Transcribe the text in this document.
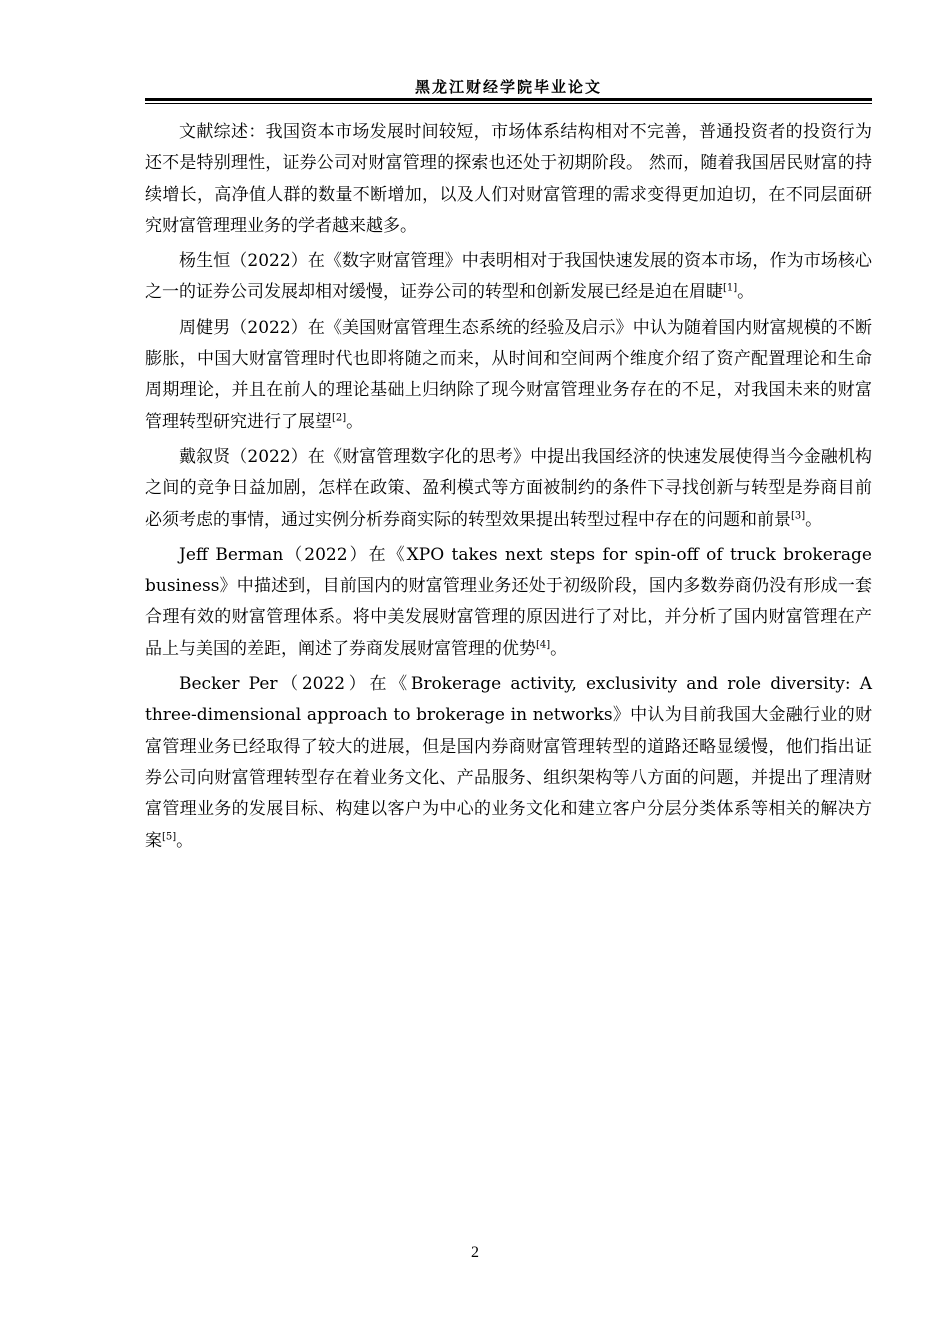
黑龙江财经学院毕业论文

文献综述：我国资本市场发展时间较短，市场体系结构相对不完善，普通投资者的投资行为还不是特别理性，证券公司对财富管理的探索也还处于初期阶段。 然而，随着我国居民财富的持续增长，高净值人群的数量不断增加，以及人们对财富管理的需求变得更加迫切，在不同层面研究财富管理理业务的学者越来越多。

杨生恒（2022）在《数字财富管理》中表明相对于我国快速发展的资本市场，作为市场核心之一的证券公司发展却相对缓慢，证券公司的转型和创新发展已经是迫在眉睫[1]。

周健男（2022）在《美国财富管理生态系统的经验及启示》中认为随着国内财富规模的不断膨胀，中国大财富管理时代也即将随之而来，从时间和空间两个维度介绍了资产配置理论和生命周期理论，并且在前人的理论基础上归纳除了现今财富管理业务存在的不足，对我国未来的财富管理转型研究进行了展望[2]。

戴叙贤（2022）在《财富管理数字化的思考》中提出我国经济的快速发展使得当今金融机构之间的竞争日益加剧，怎样在政策、盈利模式等方面被制约的条件下寻找创新与转型是券商目前必须考虑的事情，通过实例分析券商实际的转型效果提出转型过程中存在的问题和前景[3]。

Jeff Berman（2022）在《XPO takes next steps for spin-off of truck brokerage business》中描述到，目前国内的财富管理业务还处于初级阶段，国内多数券商仍没有形成一套合理有效的财富管理体系。将中美发展财富管理的原因进行了对比，并分析了国内财富管理在产品上与美国的差距，阐述了券商发展财富管理的优势[4]。

Becker Per（2022）在《Brokerage activity, exclusivity and role diversity: A three-dimensional approach to brokerage in networks》中认为目前我国大金融行业的财富管理业务已经取得了较大的进展，但是国内券商财富管理转型的道路还略显缓慢，他们指出证券公司向财富管理转型存在着业务文化、产品服务、组织架构等八方面的问题，并提出了理清财富管理业务的发展目标、构建以客户为中心的业务文化和建立客户分层分类体系等相关的解决方案[5]。

2
